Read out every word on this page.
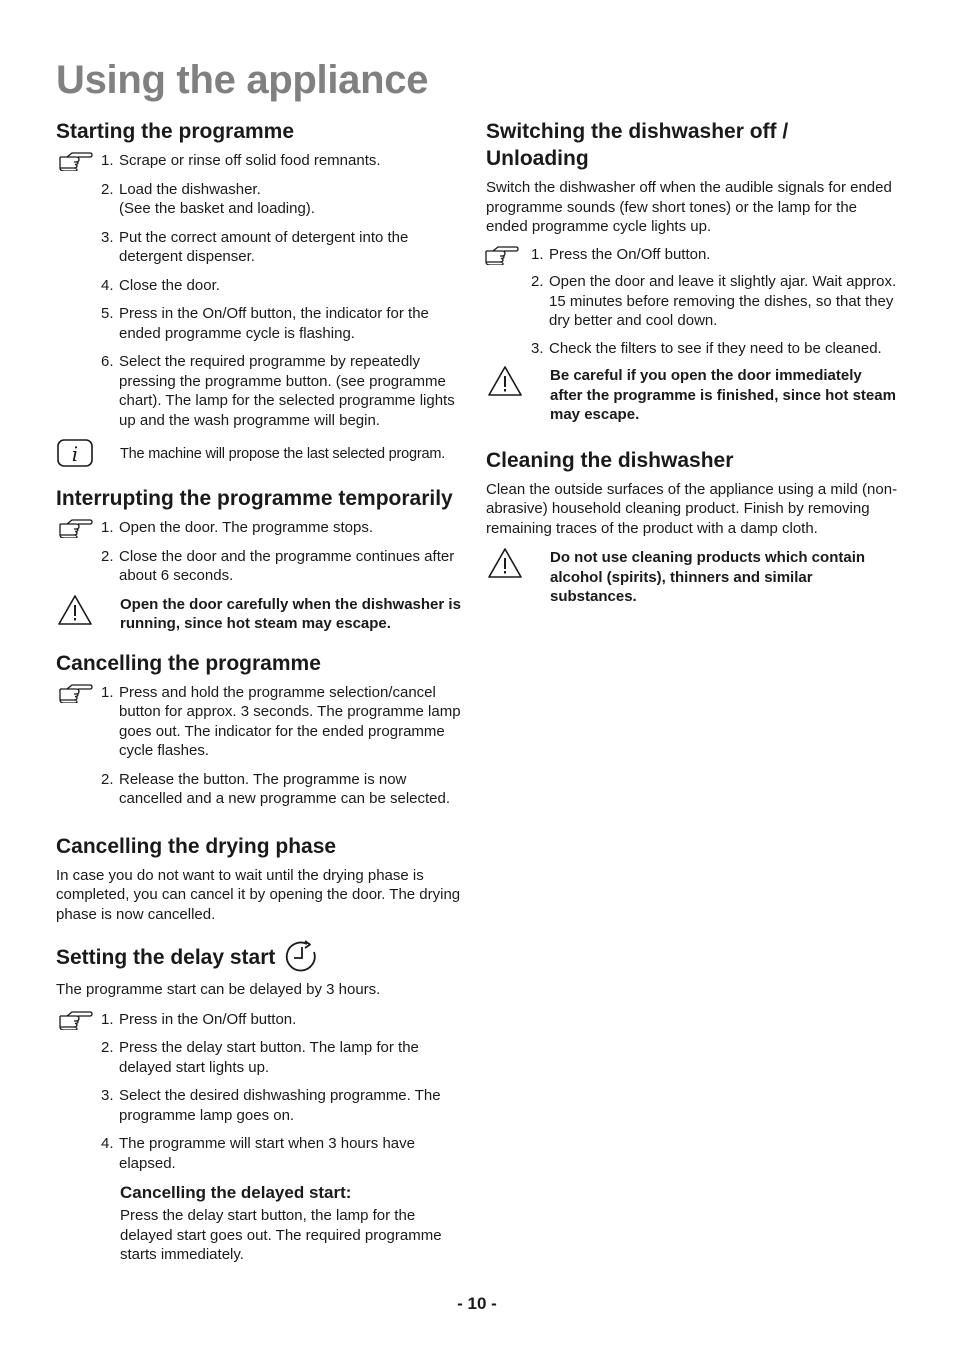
Using the appliance
Starting the programme
1. Scrape or rinse off solid food remnants.
2. Load the dishwasher.
(See the basket and loading).
3. Put the correct amount of detergent into the detergent dispenser.
4. Close the door.
5. Press in the On/Off button, the indicator for the ended programme cycle is flashing.
6. Select the required programme by repeatedly pressing the programme button. (see programme chart). The lamp for the selected programme lights up and the wash programme will begin.
The machine will propose the last selected program.
Interrupting the programme temporarily
1. Open the door. The programme stops.
2. Close the door and the programme continues after about 6 seconds.
Open the door carefully when the dishwasher is running, since hot steam may escape.
Cancelling the programme
1. Press and hold the programme selection/cancel button for approx. 3 seconds. The programme lamp goes out. The indicator for the ended programme cycle flashes.
2. Release the button. The programme is now cancelled and a new programme can be selected.
Cancelling the drying phase

In case you do not want to wait until the drying phase is completed, you can cancel it by opening the door. The drying phase is now cancelled.

Setting the delay start

The programme start can be delayed by 3 hours.

1. Press in the On/Off button.
2. Press the delay start button. The lamp for the delayed start lights up.
3. Select the desired dishwashing programme. The programme lamp goes on.
4. The programme will start when 3 hours have elapsed.
Cancelling the delayed start:

Press the delay start button, the lamp for the delayed start goes out. The required programme starts immediately.

Switching the dishwasher off / Unloading

Switch the dishwasher off when the audible signals for ended programme sounds (few short tones) or the lamp for the ended programme cycle lights up.

1. Press the On/Off button.
2. Open the door and leave it slightly ajar. Wait approx. 15 minutes before removing the dishes, so that they dry better and cool down.
3. Check the filters to see if they need to be cleaned.
Be careful if you open the door immediately after the programme is finished, since hot steam may escape.
Cleaning the dishwasher

Clean the outside surfaces of the appliance using a mild (non-abrasive) household cleaning product. Finish by removing remaining traces of the product with a damp cloth.

Do not use cleaning products which contain alcohol (spirits), thinners and similar substances.
- 10 -
